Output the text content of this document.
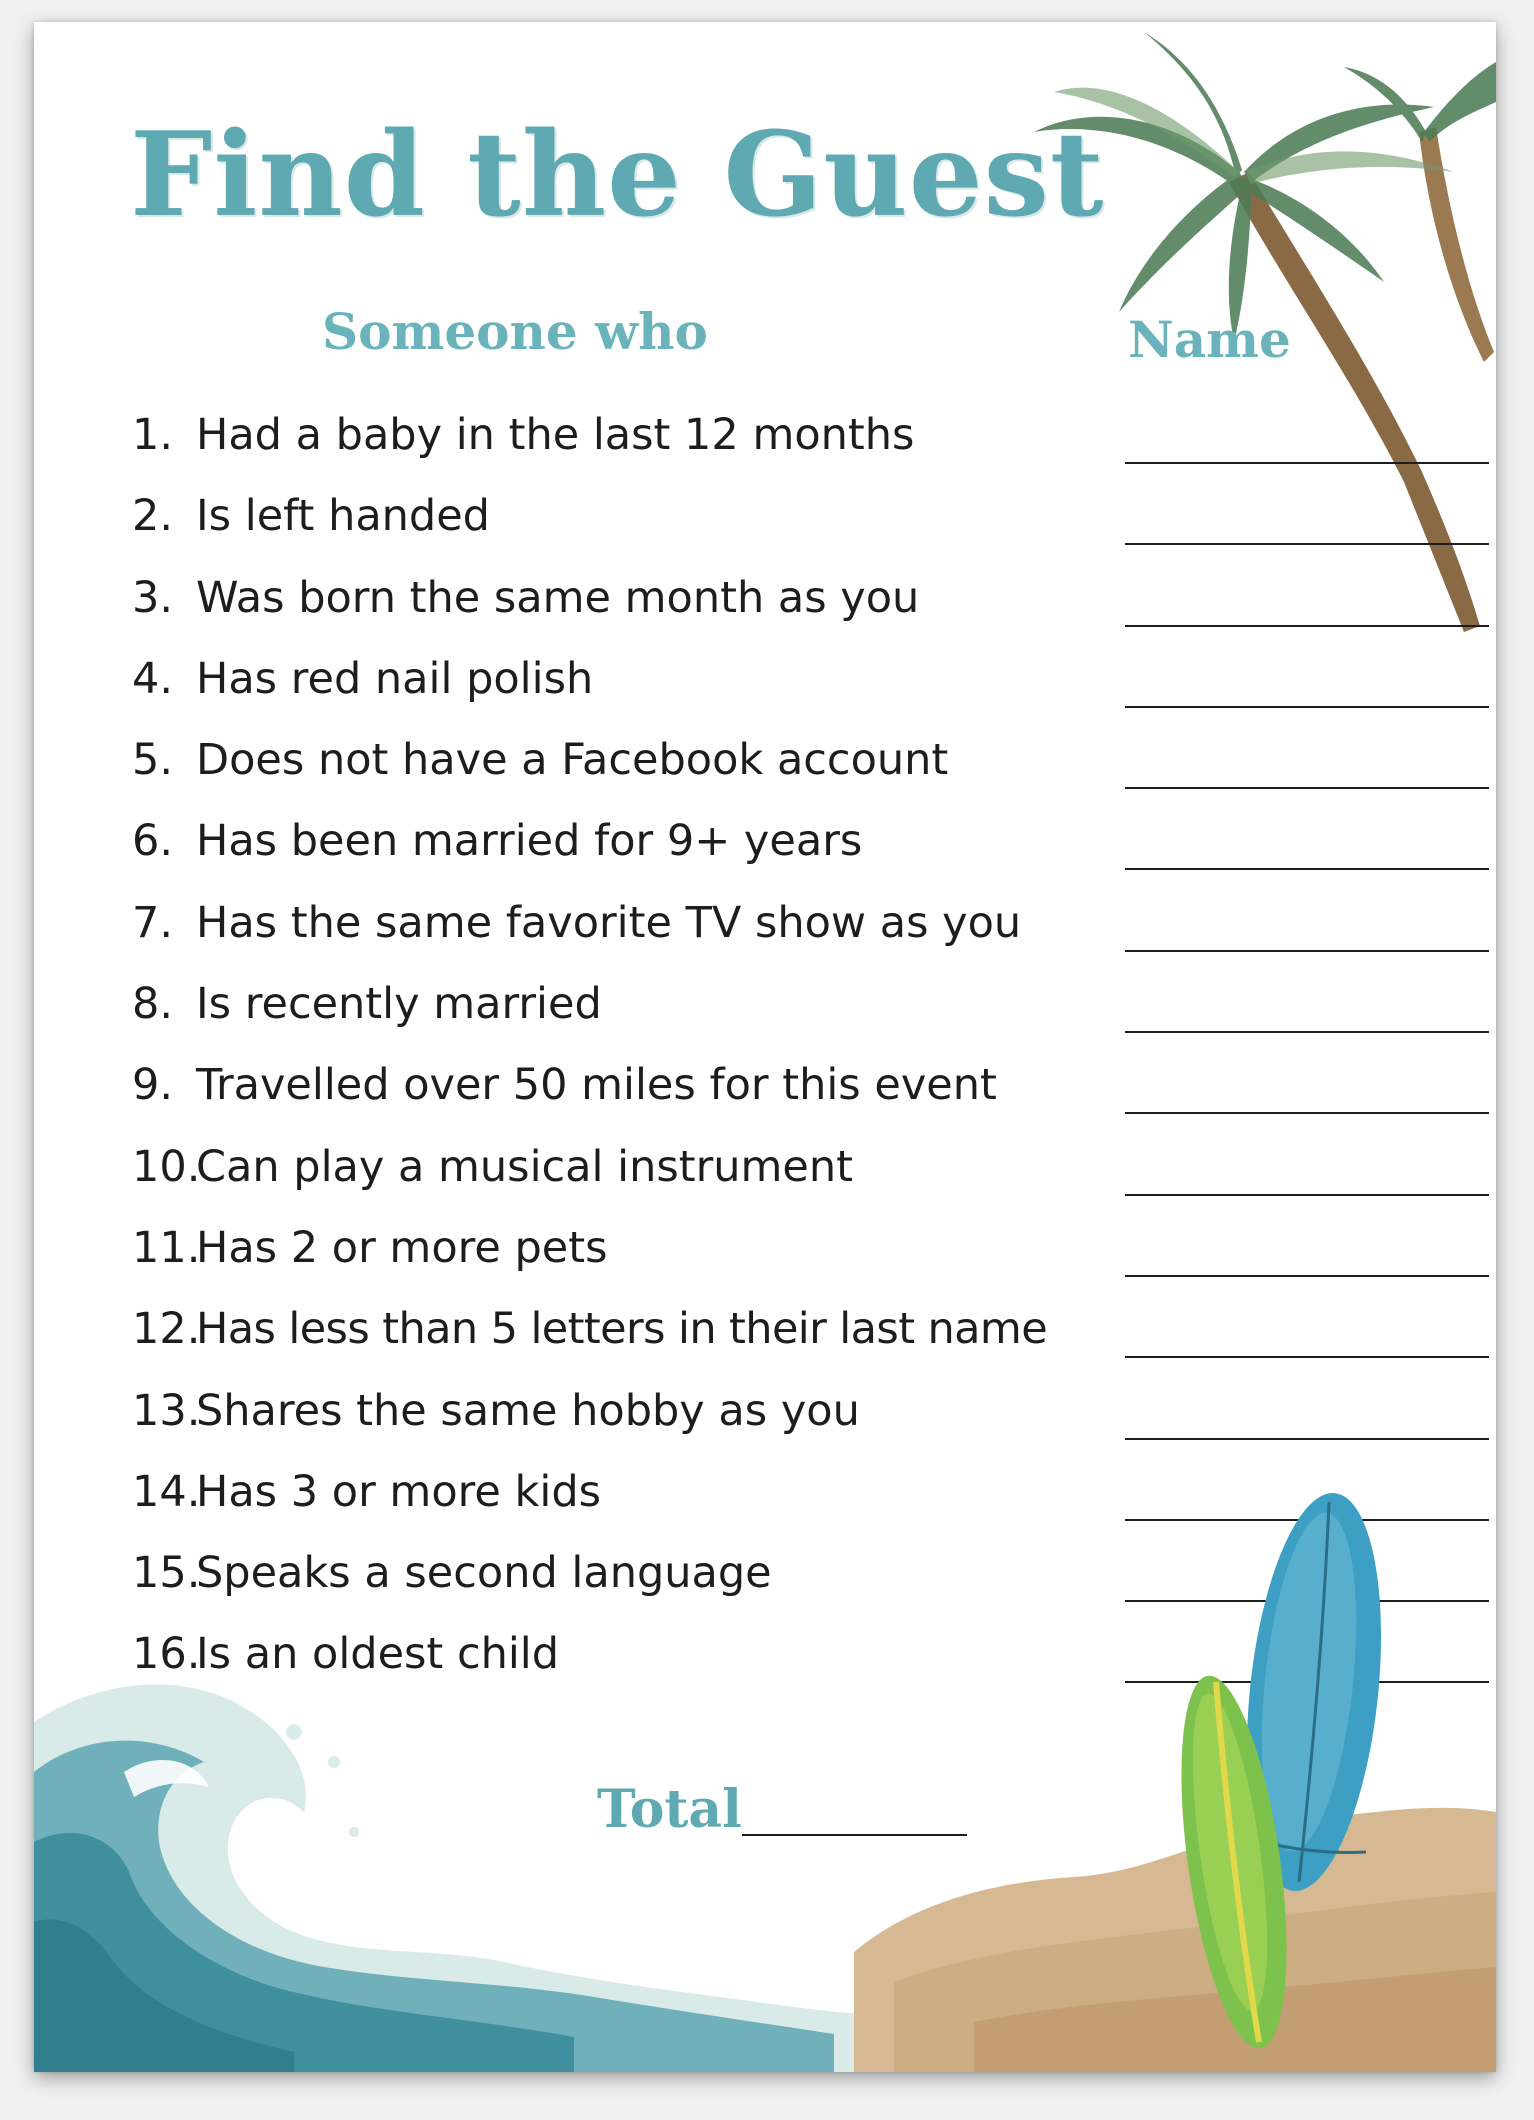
Find the Guest
Someone who	Name
1. Had a baby in the last 12 months
2. Is left handed
3. Was born the same month as you
4. Has red nail polish
5. Does not have a Facebook account
6. Has been married for 9+ years
7. Has the same favorite TV show as you
8. Is recently married
9. Travelled over 50 miles for this event
10.
Can play a musical instrument
11.
Has 2 or more pets
12.
Has less than 5 letters in their last name
13.
Shares the same hobby as you
14.
Has 3 or more kids
15.
Speaks a second language
16.
Is an oldest child
Total
